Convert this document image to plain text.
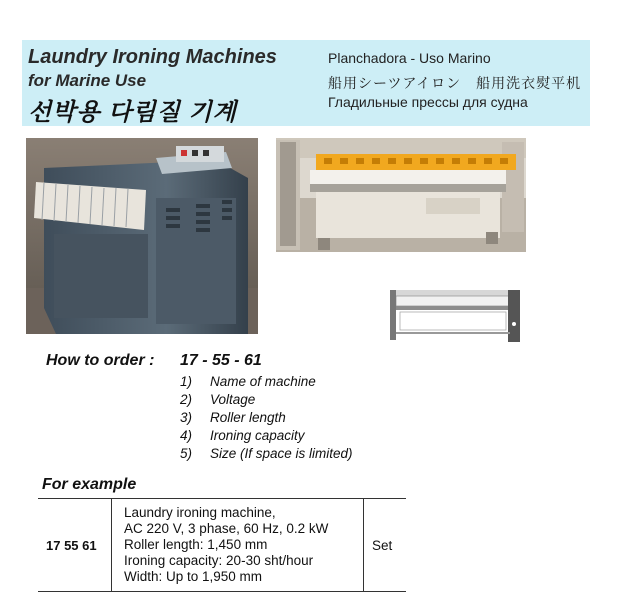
Laundry Ironing Machines
for Marine Use
선박용 다림질 기계
Planchadora - Uso Marino
船用シーツアイロン　船用洗衣熨平机
Гладильные прессы для судна
How to order : 17 - 55 - 61
1) Name of machine
2) Voltage
3) Roller length
4) Ironing capacity
5) Size (If space is limited)
For example
17 55 61
Laundry ironing machine,
AC 220 V, 3 phase, 60 Hz, 0.2 kW
Roller length: 1,450 mm
Ironing capacity: 20-30 sht/hour
Width: Up to 1,950 mm
Set
